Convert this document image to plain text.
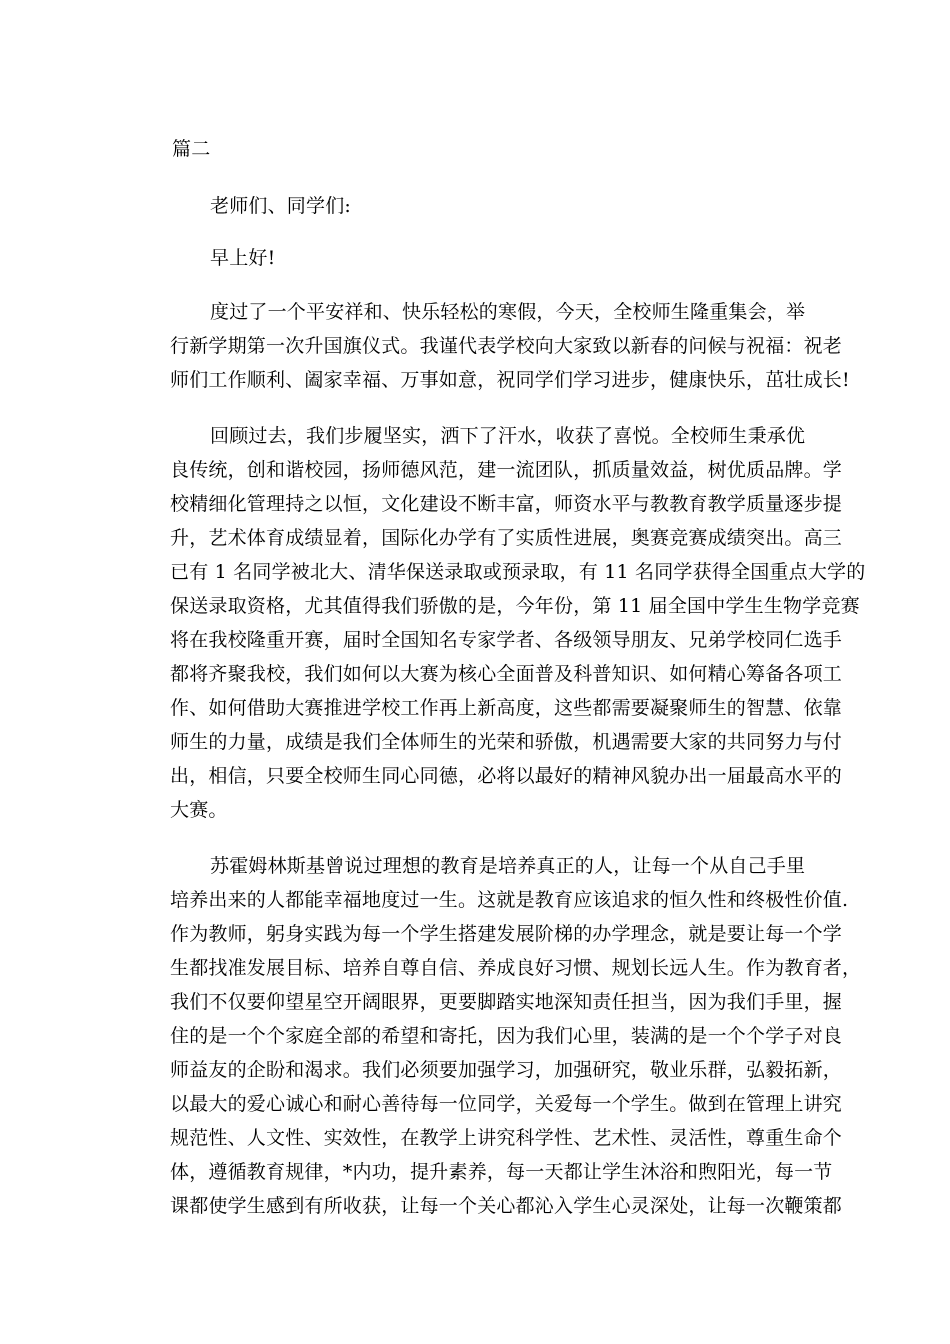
篇二
老师们、同学们:
早上好!
度过了一个平安祥和、快乐轻松的寒假，今天，全校师生隆重集会，举
行新学期第一次升国旗仪式。我谨代表学校向大家致以新春的问候与祝福：祝老
师们工作顺利、阖家幸福、万事如意，祝同学们学习进步，健康快乐，茁壮成长!
回顾过去，我们步履坚实，洒下了汗水，收获了喜悦。全校师生秉承优
良传统，创和谐校园，扬师德风范，建一流团队，抓质量效益，树优质品牌。学
校精细化管理持之以恒，文化建设不断丰富，师资水平与教教育教学质量逐步提
升，艺术体育成绩显着，国际化办学有了实质性进展，奥赛竞赛成绩突出。高三
已有 1 名同学被北大、清华保送录取或预录取，有 11 名同学获得全国重点大学的
保送录取资格，尤其值得我们骄傲的是，今年份，第 11 届全国中学生生物学竞赛
将在我校隆重开赛，届时全国知名专家学者、各级领导朋友、兄弟学校同仁选手
都将齐聚我校，我们如何以大赛为核心全面普及科普知识、如何精心筹备各项工
作、如何借助大赛推进学校工作再上新高度，这些都需要凝聚师生的智慧、依靠
师生的力量，成绩是我们全体师生的光荣和骄傲，机遇需要大家的共同努力与付
出，相信，只要全校师生同心同德，必将以最好的精神风貌办出一届最高水平的
大赛。
苏霍姆林斯基曾说过理想的教育是培养真正的人，让每一个从自己手里
培养出来的人都能幸福地度过一生。这就是教育应该追求的恒久性和终极性价值.
作为教师，躬身实践为每一个学生搭建发展阶梯的办学理念，就是要让每一个学
生都找准发展目标、培养自尊自信、养成良好习惯、规划长远人生。作为教育者，
我们不仅要仰望星空开阔眼界，更要脚踏实地深知责任担当，因为我们手里，握
住的是一个个家庭全部的希望和寄托，因为我们心里，装满的是一个个学子对良
师益友的企盼和渴求。我们必须要加强学习，加强研究，敬业乐群，弘毅拓新，
以最大的爱心诚心和耐心善待每一位同学，关爱每一个学生。做到在管理上讲究
规范性、人文性、实效性，在教学上讲究科学性、艺术性、灵活性，尊重生命个
体，遵循教育规律，*内功，提升素养，每一天都让学生沐浴和煦阳光，每一节
课都使学生感到有所收获，让每一个关心都沁入学生心灵深处，让每一次鞭策都
